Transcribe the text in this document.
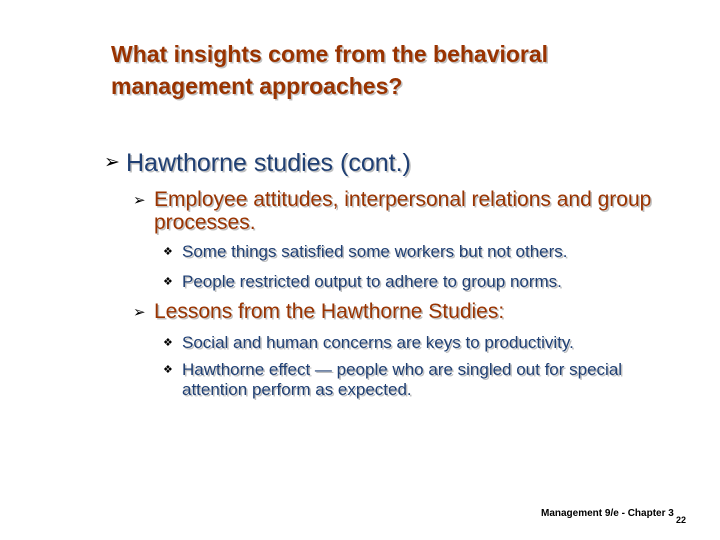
What insights come from the behavioral
management approaches?
➢ Hawthorne studies (cont.)
➢ Employee attitudes, interpersonal relations and group processes.
❖ Some things satisfied some workers but not others.
❖ People restricted output to adhere to group norms.
➢ Lessons from the Hawthorne Studies:
❖ Social and human concerns are keys to productivity.
❖ Hawthorne effect — people who are singled out for special attention perform as expected.
Management 9/e - Chapter 3
22
